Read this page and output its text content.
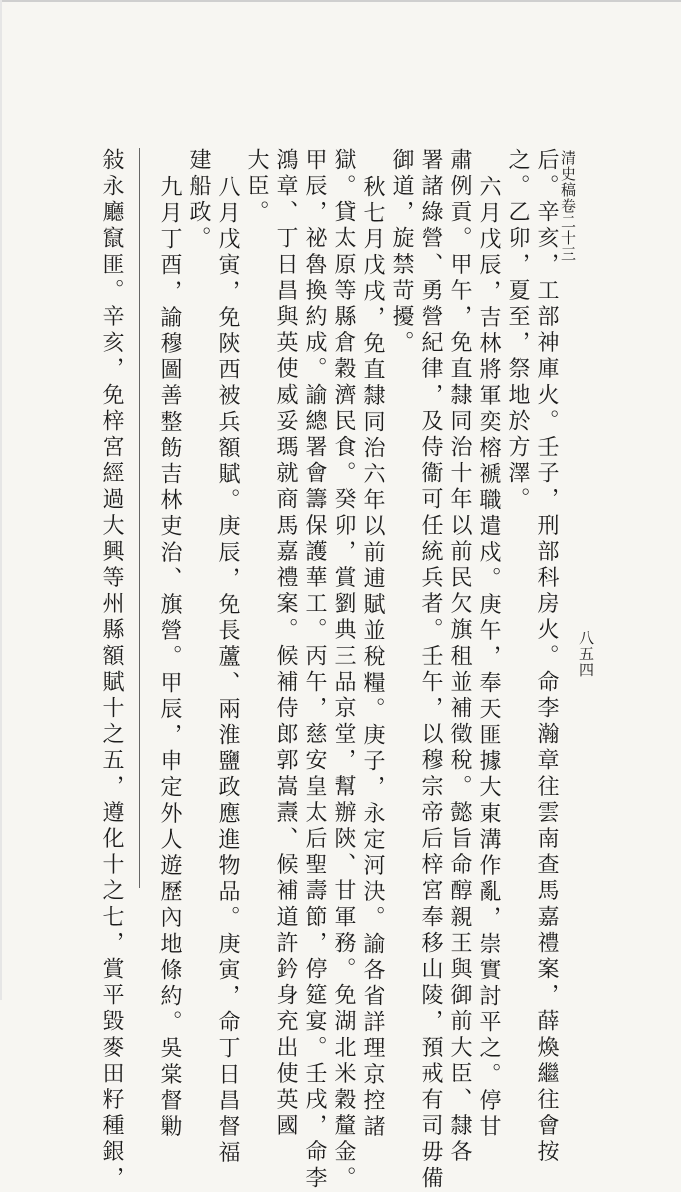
清史稿卷二十三
八五四
后。辛亥，工部神庫火。壬子，刑部科房火。命李瀚章往雲南查馬嘉禮案，薛煥繼往會按
之。乙卯，夏至，祭地於方澤。
六月戊辰，吉林將軍奕榕褫職遣戍。庚午，奉天匪據大東溝作亂，崇實討平之。停甘
肅例貢。甲午，免直隸同治十年以前民欠旗租並補徵稅。懿旨命醇親王與御前大臣、隸各
署諸綠營、勇營紀律，及侍衞可任統兵者。壬午，以穆宗帝后梓宮奉移山陵，預戒有司毋備
御道，旋禁苛擾。
秋七月戊戌，免直隸同治六年以前逋賦並稅糧。庚子，永定河決。諭各省詳理京控諸
獄。貸太原等縣倉穀濟民食。癸卯，賞劉典三品京堂，幫辦陝、甘軍務。免湖北米穀釐金。
甲辰，祕魯換約成。諭總署會籌保護華工。丙午，慈安皇太后聖壽節，停筵宴。壬戌，命李
鴻章、丁日昌與英使威妥瑪就商馬嘉禮案。候補侍郎郭嵩燾、候補道許鈐身充出使英國
大臣。
八月戊寅，免陝西被兵額賦。庚辰，免長蘆、兩淮鹽政應進物品。庚寅，命丁日昌督福
建船政。
九月丁酉，諭穆圖善整飭吉林吏治、旗營。甲辰，申定外人遊歷內地條約。吳棠督勦
敍永廳竄匪。辛亥，免梓宮經過大興等州縣額賦十之五，遵化十之七，賞平毀麥田籽種銀，
